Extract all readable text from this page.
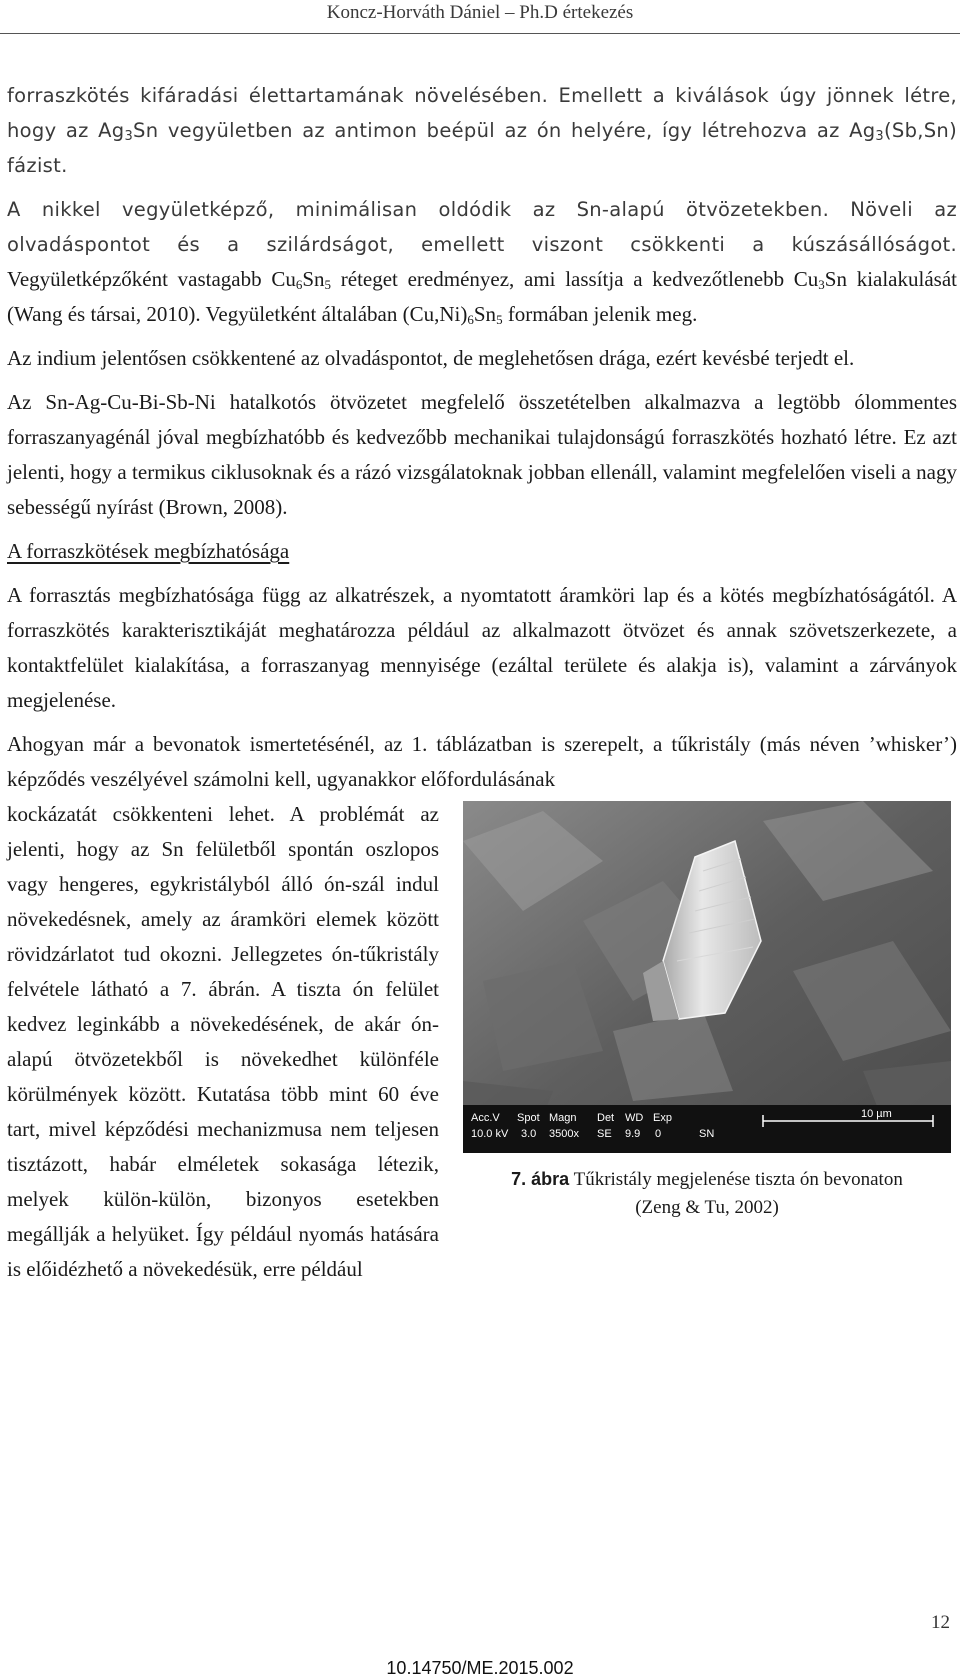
Koncz-Horváth Dániel – Ph.D értekezés

forraszkötés kifáradási élettartamának növelésében. Emellett a kiválások úgy jönnek létre, hogy az $Ag_3Sn$ vegyületben az antimon beépül az ón helyére, így létrehozva az $Ag_3(Sb,Sn)$ fázist.

A nikkel vegyületképző, minimálisan oldódik az Sn-alapú ötvözetekben. Növeli az olvadáspontot és a szilárdságot, emellett viszont csökkenti a kúszásállóságot. Vegyületképzőként vastagabb $Cu_6Sn_5$ réteget eredményez, ami lassítja a kedvezőtlenebb $Cu_3Sn$ kialakulását (Wang és társai, 2010). Vegyületként általában $(Cu,Ni)_6Sn_5$ formában jelenik meg.

Az indium jelentősen csökkentené az olvadáspontot, de meglehetősen drága, ezért kevésbé terjedt el.

Az Sn-Ag-Cu-Bi-Sb-Ni hatalkotós ötvözetet megfelelő összetételben alkalmazva a legtöbb ólommentes forraszanyagénál jóval megbízhatóbb és kedvezőbb mechanikai tulajdonságú forraszkötés hozható létre. Ez azt jelenti, hogy a termikus ciklusoknak és a rázó vizsgálatoknak jobban ellenáll, valamint megfelelően viseli a nagy sebességű nyírást (Brown, 2008).

A forraszkötések megbízhatósága

A forrasztás megbízhatósága függ az alkatrészek, a nyomtatott áramköri lap és a kötés megbízhatóságától. A forraszkötés karakterisztikáját meghatározza például az alkalmazott ötvözet és annak szövetszerkezete, a kontaktfelület kialakítása, a forraszanyag mennyisége (ezáltal területe és alakja is), valamint a zárványok megjelenése.

Ahogyan már a bevonatok ismertetésénél, az 1. táblázatban is szerepelt, a tűkristály (más néven ’whisker’) képződés veszélyével számolni kell, ugyanakkor előfordulásának

Acc.V
10.0 kV
Spot
3.0
Magn
3500x
Det
SE
WD
9.9
Exp
0	SN
10 µm
7. ábra Tűkristály megjelenése tiszta ón bevonaton
(Zeng & Tu, 2002)

kockázatát csökkenteni lehet. A problémát az jelenti, hogy az Sn felületből spontán oszlopos vagy hengeres, egykristályból álló ón-szál indul növekedésnek, amely az áramköri elemek között rövidzárlatot tud okozni. Jellegzetes ón-tűkristály felvétele látható a 7. ábrán. A tiszta ón felület kedvez leginkább a növekedésének, de akár ón-alapú ötvözetekből is növekedhet különféle körülmények között. Kutatása több mint 60 éve tart, mivel képződési mechanizmusa nem teljesen tisztázott, habár elméletek sokasága létezik, melyek külön-külön, bizonyos esetekben megállják a helyüket. Így például nyomás hatására is előidézhető a növekedésük, erre például

12
10.14750/ME.2015.002
